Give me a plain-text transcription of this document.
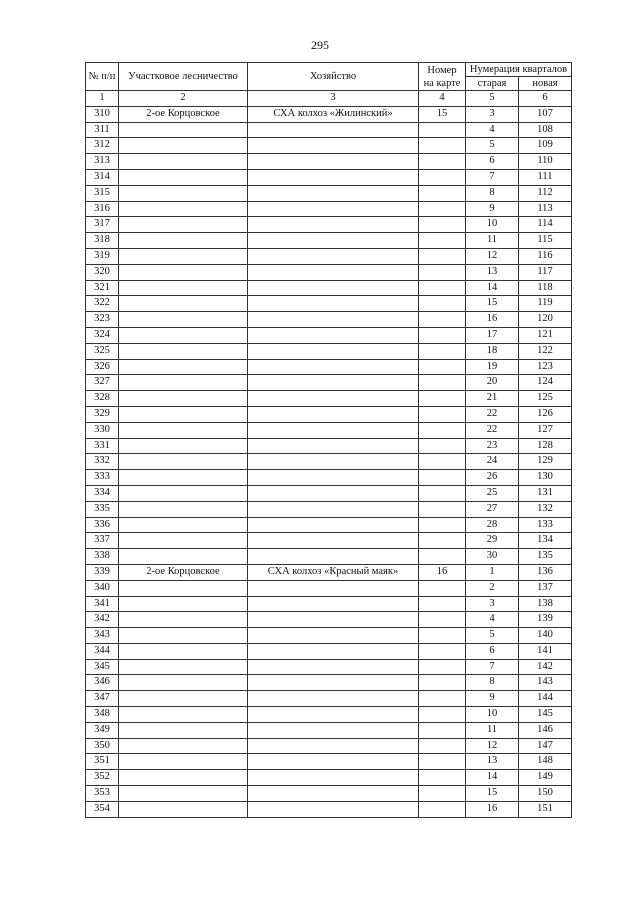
295
№ п/п	Участковое лесничество	Хозяйство	Номер на карте	Нумерация кварталов	
				старая	новая
1	2	3	4	5	6
310	2-ое Корцовское	СХА колхоз «Жилинский»	15	3	107
311				4	108
312				5	109
313				6	110
314				7	111
315				8	112
316				9	113
317				10	114
318				11	115
319				12	116
320				13	117
321				14	118
322				15	119
323				16	120
324				17	121
325				18	122
326				19	123
327				20	124
328				21	125
329				22	126
330				22	127
331				23	128
332				24	129
333				26	130
334				25	131
335				27	132
336				28	133
337				29	134
338				30	135
339	2-ое Корцовское	СХА колхоз «Красный маяк»	16	1	136
340				2	137
341				3	138
342				4	139
343				5	140
344				6	141
345				7	142
346				8	143
347				9	144
348				10	145
349				11	146
350				12	147
351				13	148
352				14	149
353				15	150
354				16	151
